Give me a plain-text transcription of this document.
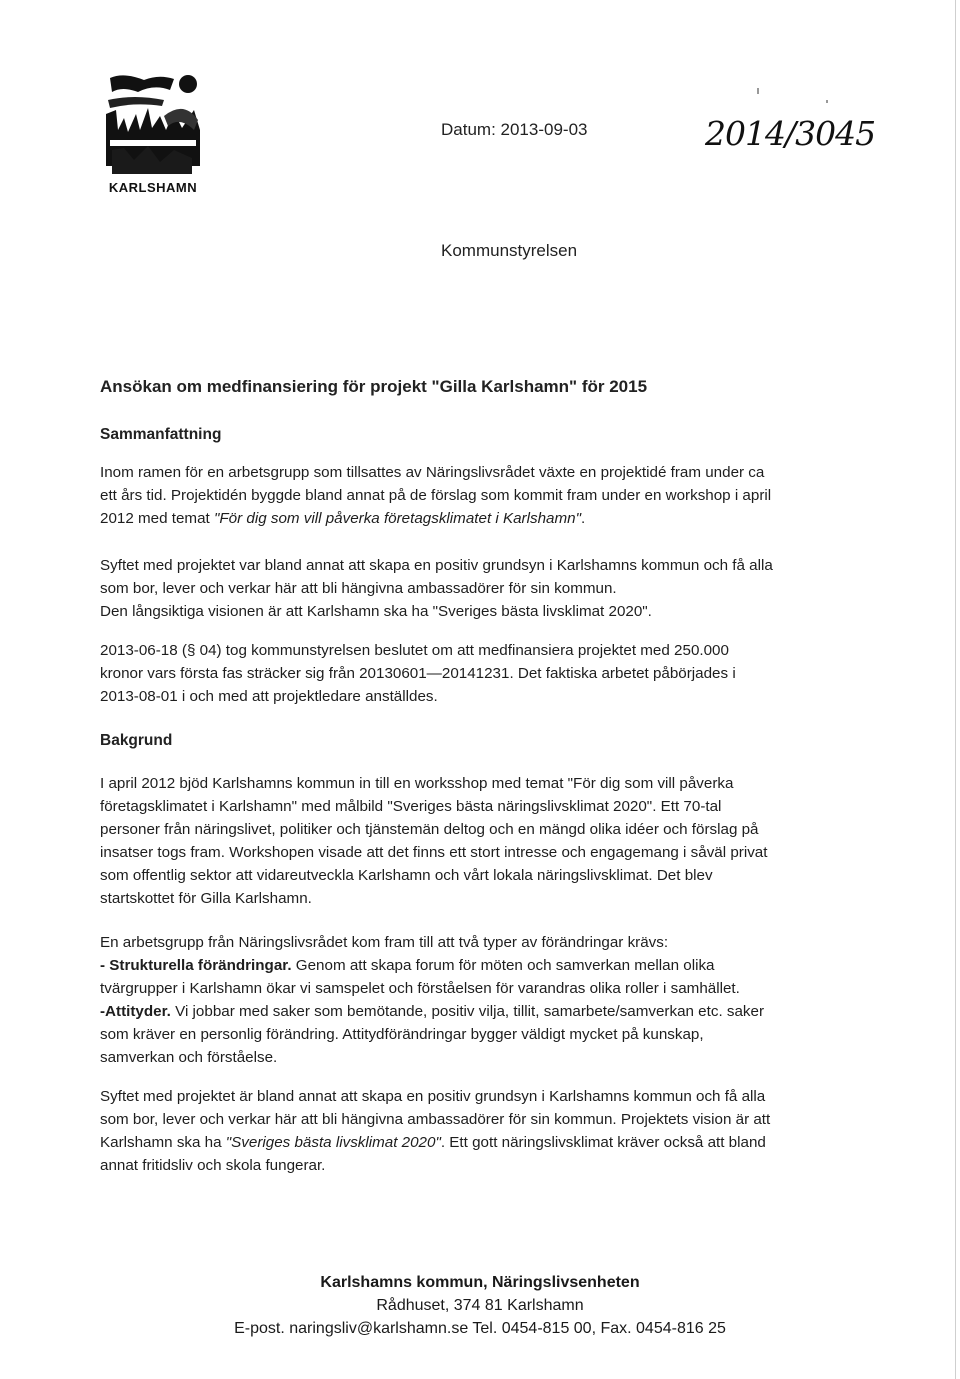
KARLSHAMN
Datum: 2013-09-03	2014/3045
Kommunstyrelsen
Ansökan om medfinansiering för projekt "Gilla Karlshamn" för 2015
Sammanfattning
Inom ramen för en arbetsgrupp som tillsattes av Näringslivsrådet växte en projektidé fram under ca
ett års tid. Projektidén byggde bland annat på de förslag som kommit fram under en workshop i april
2012 med temat "För dig som vill påverka företagsklimatet i Karlshamn".
Syftet med projektet var bland annat att skapa en positiv grundsyn i Karlshamns kommun och få alla
som bor, lever och verkar här att bli hängivna ambassadörer för sin kommun.
Den långsiktiga visionen är att Karlshamn ska ha "Sveriges bästa livsklimat 2020".
2013-06-18 (§ 04) tog kommunstyrelsen beslutet om att medfinansiera projektet med 250.000
kronor vars första fas sträcker sig från 20130601—20141231. Det faktiska arbetet påbörjades i
2013-08-01 i och med att projektledare anställdes.
Bakgrund
I april 2012 bjöd Karlshamns kommun in till en worksshop med temat "För dig som vill påverka
företagsklimatet i Karlshamn" med målbild "Sveriges bästa näringslivsklimat 2020". Ett 70-tal
personer från näringslivet, politiker och tjänstemän deltog och en mängd olika idéer och förslag på
insatser togs fram. Workshopen visade att det finns ett stort intresse och engagemang i såväl privat
som offentlig sektor att vidareutveckla Karlshamn och vårt lokala näringslivsklimat. Det blev
startskottet för Gilla Karlshamn.
En arbetsgrupp från Näringslivsrådet kom fram till att två typer av förändringar krävs:
- Strukturella förändringar. Genom att skapa forum för möten och samverkan mellan olika
tvärgrupper i Karlshamn ökar vi samspelet och förståelsen för varandras olika roller i samhället.
-Attityder. Vi jobbar med saker som bemötande, positiv vilja, tillit, samarbete/samverkan etc. saker
som kräver en personlig förändring. Attitydförändringar bygger väldigt mycket på kunskap,
samverkan och förståelse.
Syftet med projektet är bland annat att skapa en positiv grundsyn i Karlshamns kommun och få alla
som bor, lever och verkar här att bli hängivna ambassadörer för sin kommun. Projektets vision är att
Karlshamn ska ha "Sveriges bästa livsklimat 2020". Ett gott näringslivsklimat kräver också att bland
annat fritidsliv och skola fungerar.
Karlshamns kommun, Näringslivsenheten
Rådhuset, 374 81 Karlshamn
E-post. naringsliv@karlshamn.se Tel. 0454-815 00, Fax. 0454-816 25
